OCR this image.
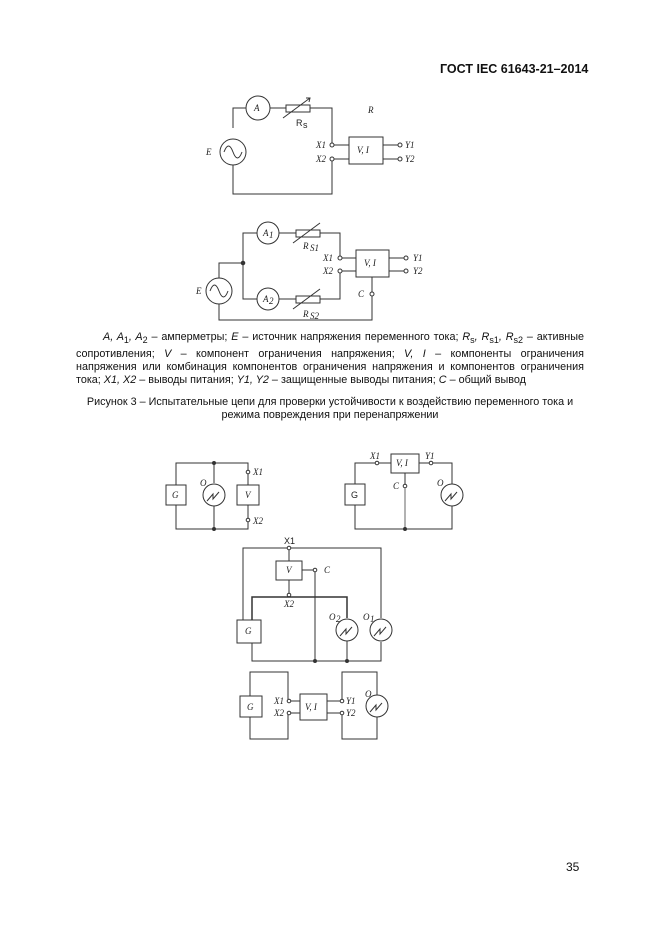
ГОСТ IEC 61643-21–2014
A
R s
R
E
X1
X2
V, I	Y1
Y2
A 1
A 2
R S1
R S2
E
X1
X2
V, I	Y1
Y2
C
G
O
X1
X2
V	G
X1
V, I
Y1
C	O
X1
V	C
X2
G
O 2	O 1
G
X1
X2
V, I
Y1
Y2
O
A, $A_1$, $A_2$ – амперметры; E – источник напряжения переменного тока; $R_s$, $R_{s1}$, $R_{s2}$ – активные сопротивления; V – компонент ограничения напряжения; V, I – компоненты ограничения напряжения или комбинация компонентов ограничения напряжения и компонентов ограничения тока; X1, X2 – выводы питания; Y1, Y2 – защищенные выводы питания; C – общий вывод
Рисунок 3 – Испытательные цепи для проверки устойчивости к воздействию переменного тока и
режима повреждения при перенапряжении
35
